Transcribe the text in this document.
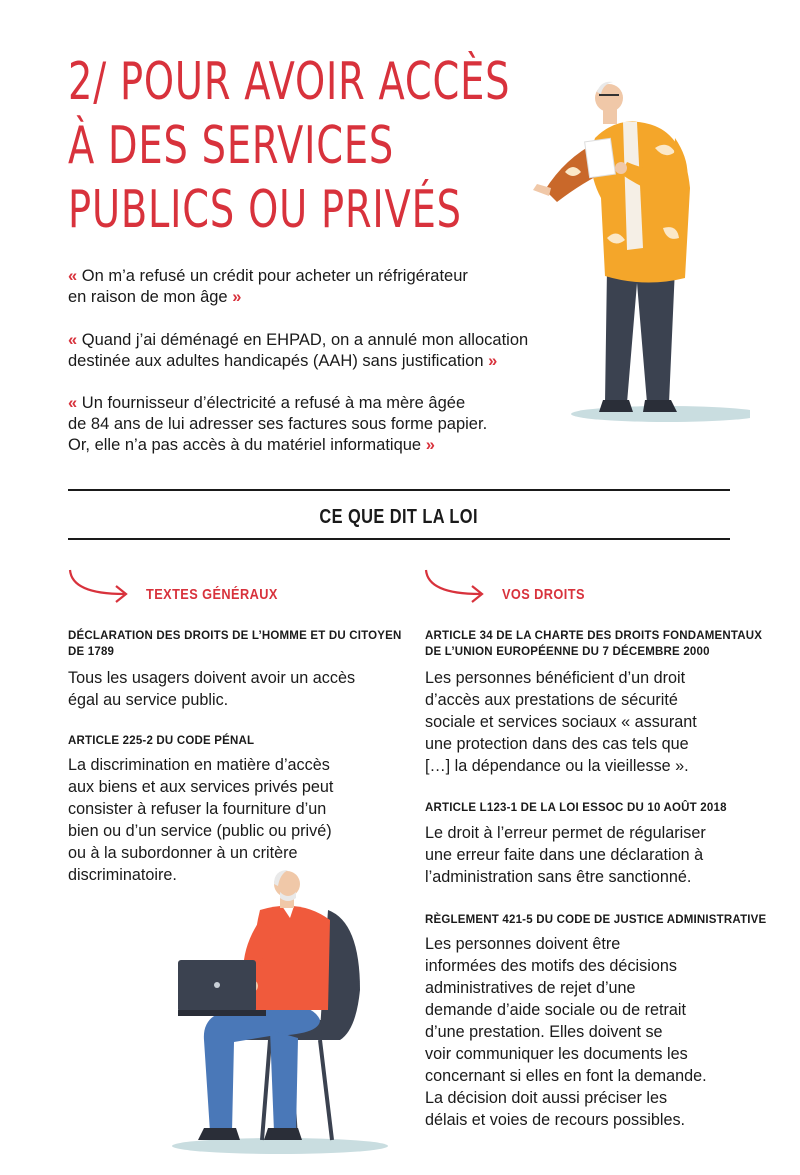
2/ POUR AVOIR ACCÈS
À DES SERVICES
PUBLICS OU PRIVÉS

« On m’a refusé un crédit pour acheter un réfrigérateur
en raison de mon âge »

« Quand j’ai déménagé en EHPAD, on a annulé mon allocation
destinée aux adultes handicapés (AAH) sans justification »

« Un fournisseur d’électricité a refusé à ma mère âgée
de 84 ans de lui adresser ses factures sous forme papier.
Or, elle n’a pas accès à du matériel informatique »

CE QUE DIT LA LOI
TEXTES GÉNÉRAUX

DÉCLARATION DES DROITS DE L’HOMME ET DU CITOYEN
DE 1789

Tous les usagers doivent avoir un accès
égal au service public.

ARTICLE 225-2 DU CODE PÉNAL

La discrimination en matière d’accès
aux biens et aux services privés peut
consister à refuser la fourniture d’un
bien ou d’un service (public ou privé)
ou à la subordonner à un critère
discriminatoire.

VOS DROITS

ARTICLE 34 DE LA CHARTE DES DROITS FONDAMENTAUX
DE L’UNION EUROPÉENNE DU 7 DÉCEMBRE 2000

Les personnes bénéficient d’un droit
d’accès aux prestations de sécurité
sociale et services sociaux « assurant
une protection dans des cas tels que
[…] la dépendance ou la vieillesse ».

ARTICLE L123-1 DE LA LOI ESSOC DU 10 AOÛT 2018

Le droit à l’erreur permet de régulariser
une erreur faite dans une déclaration à
l’administration sans être sanctionné.

RÈGLEMENT 421-5 DU CODE DE JUSTICE ADMINISTRATIVE

Les personnes doivent être
informées des motifs des décisions
administratives de rejet d’une
demande d’aide sociale ou de retrait
d’une prestation. Elles doivent se
voir communiquer les documents les
concernant si elles en font la demande.
La décision doit aussi préciser les
délais et voies de recours possibles.
